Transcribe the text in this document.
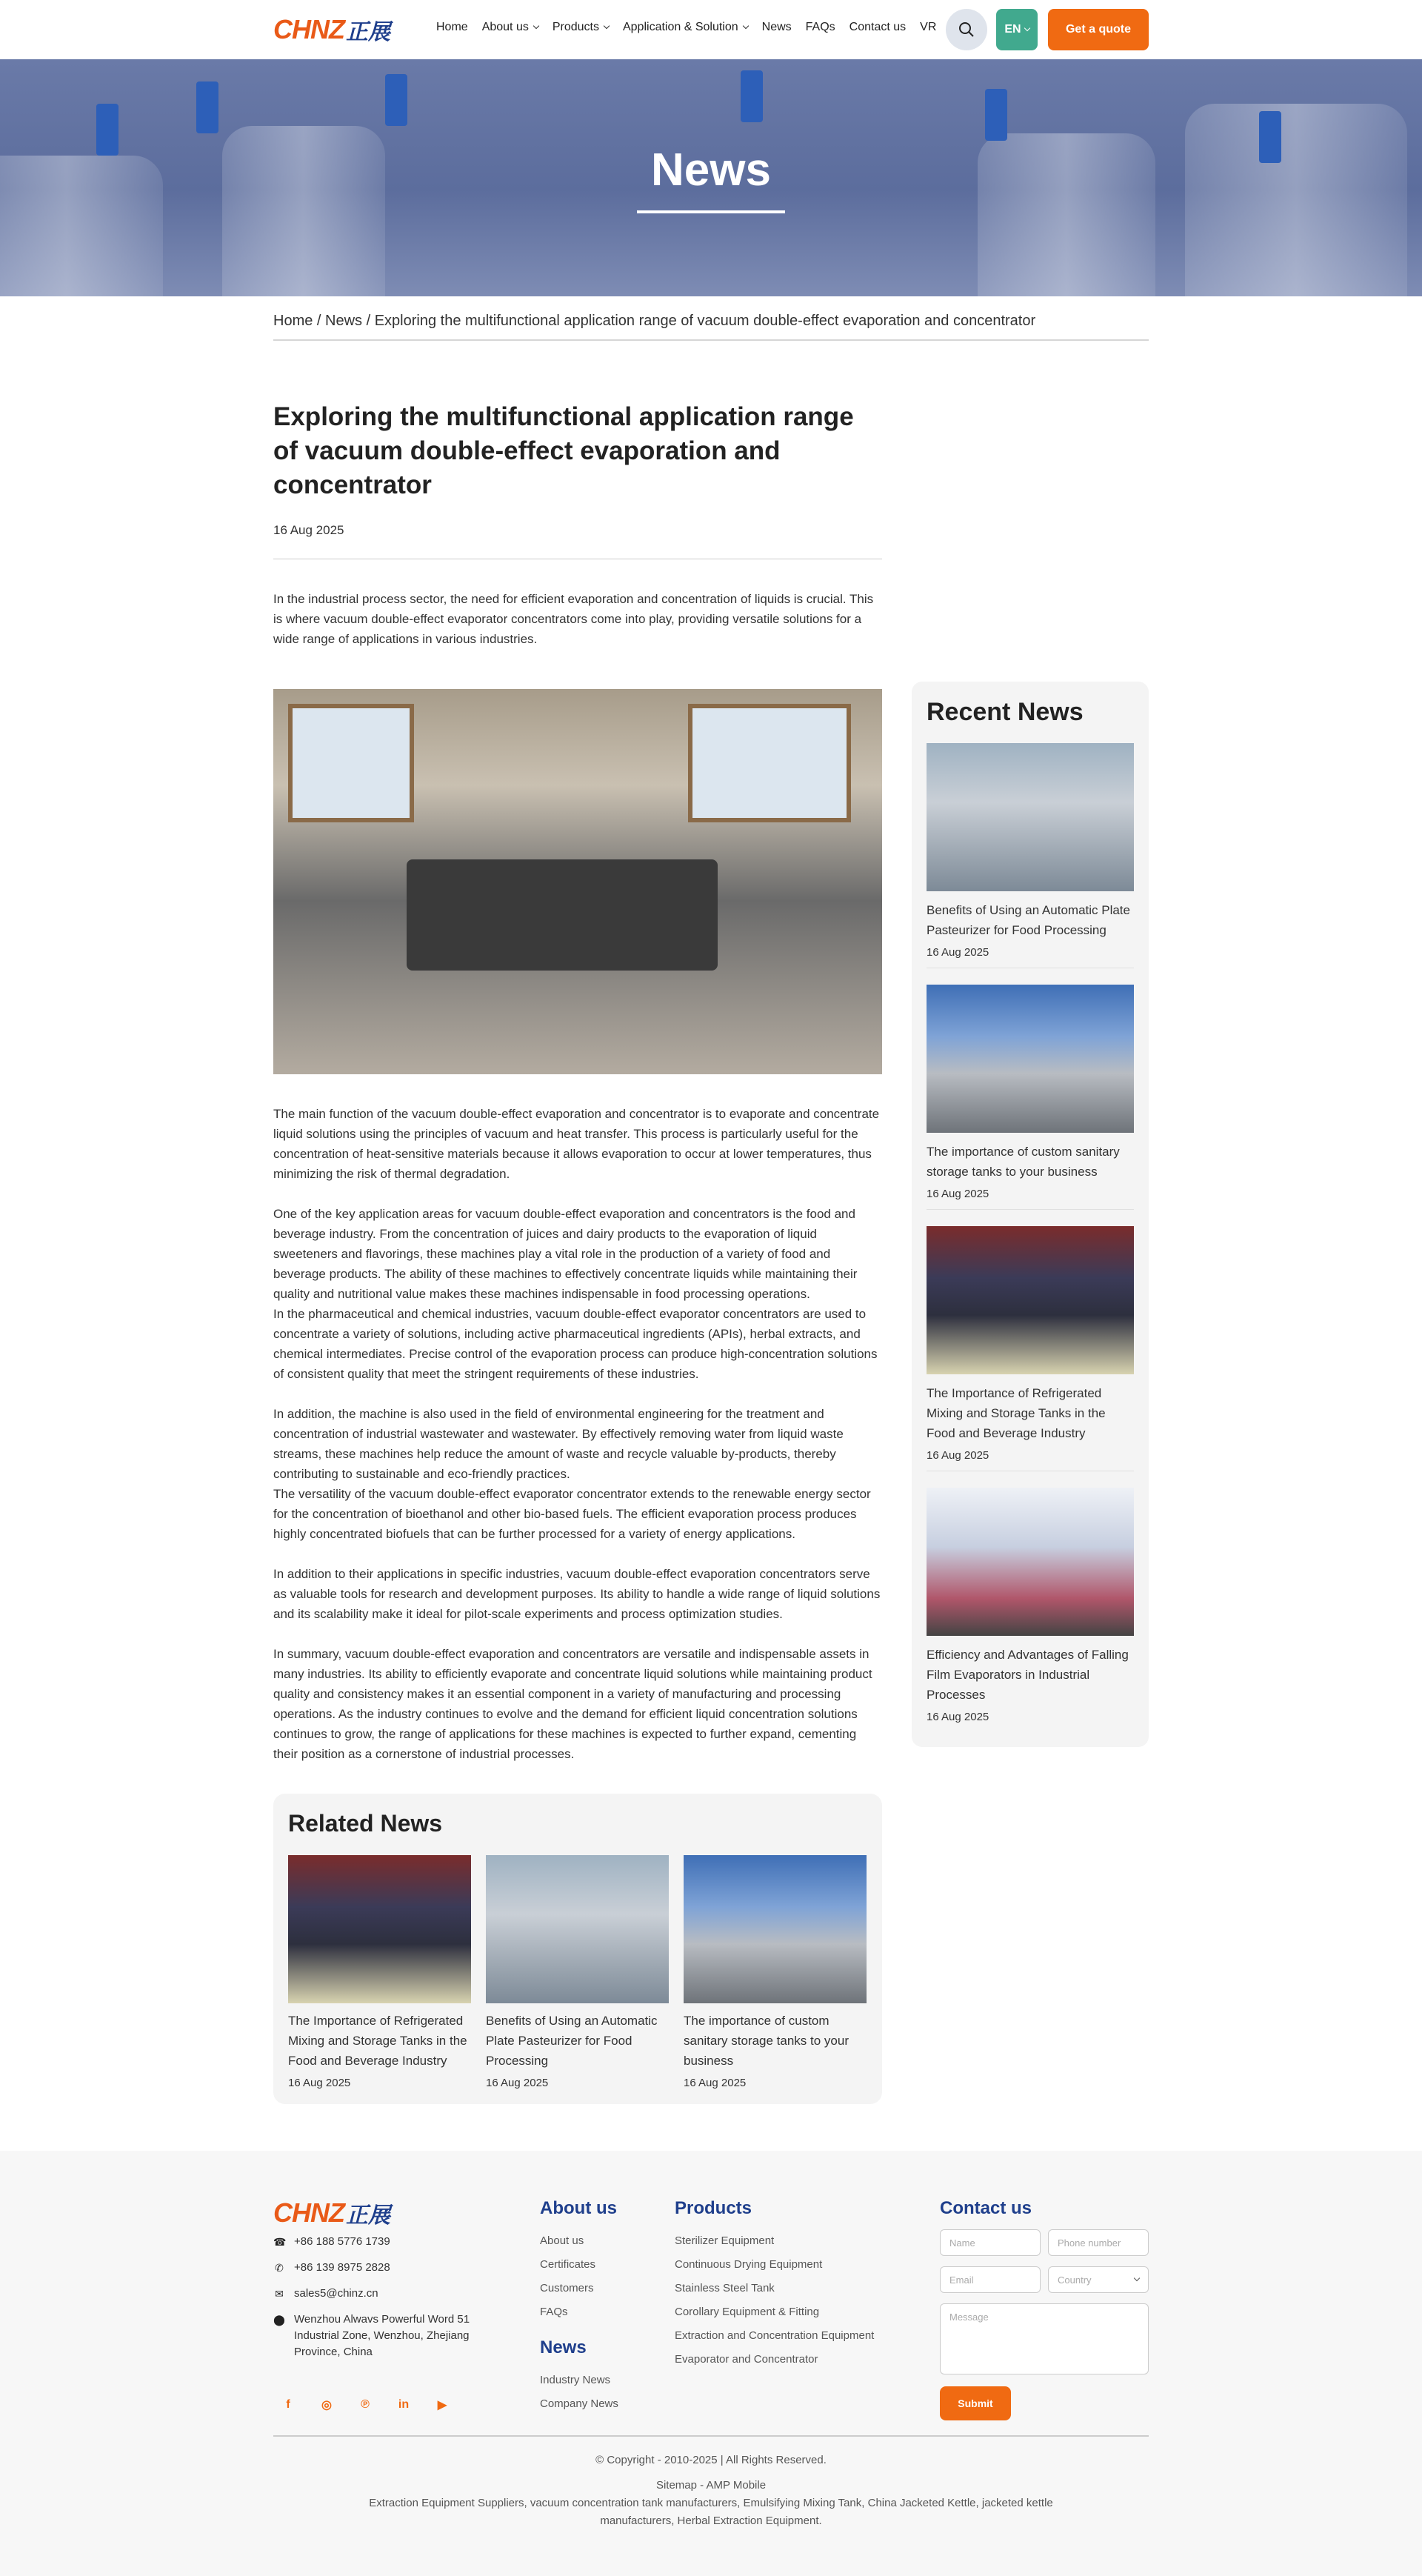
CHNZ 正展	Home About us Products Application & Solution News FAQs Contact us VR	EN	Get a quote
News
Home / News / Exploring the multifunctional application range of vacuum double-effect evaporation and concentrator
Exploring the multifunctional application range of vacuum double-effect evaporation and concentrator
16 Aug 2025

In the industrial process sector, the need for efficient evaporation and concentration of liquids is crucial. This is where vacuum double-effect evaporator concentrators come into play, providing versatile solutions for a wide range of applications in various industries.

The main function of the vacuum double-effect evaporation and concentrator is to evaporate and concentrate liquid solutions using the principles of vacuum and heat transfer. This process is particularly useful for the concentration of heat-sensitive materials because it allows evaporation to occur at lower temperatures, thus minimizing the risk of thermal degradation.

One of the key application areas for vacuum double-effect evaporation and concentrators is the food and beverage industry. From the concentration of juices and dairy products to the evaporation of liquid sweeteners and flavorings, these machines play a vital role in the production of a variety of food and beverage products. The ability of these machines to effectively concentrate liquids while maintaining their quality and nutritional value makes these machines indispensable in food processing operations.

In the pharmaceutical and chemical industries, vacuum double-effect evaporator concentrators are used to concentrate a variety of solutions, including active pharmaceutical ingredients (APIs), herbal extracts, and chemical intermediates. Precise control of the evaporation process can produce high-concentration solutions of consistent quality that meet the stringent requirements of these industries.

In addition, the machine is also used in the field of environmental engineering for the treatment and concentration of industrial wastewater and wastewater. By effectively removing water from liquid waste streams, these machines help reduce the amount of waste and recycle valuable by-products, thereby contributing to sustainable and eco-friendly practices.

The versatility of the vacuum double-effect evaporator concentrator extends to the renewable energy sector for the concentration of bioethanol and other bio-based fuels. The efficient evaporation process produces highly concentrated biofuels that can be further processed for a variety of energy applications.

In addition to their applications in specific industries, vacuum double-effect evaporation concentrators serve as valuable tools for research and development purposes. Its ability to handle a wide range of liquid solutions and its scalability make it ideal for pilot-scale experiments and process optimization studies.

In summary, vacuum double-effect evaporation and concentrators are versatile and indispensable assets in many industries. Its ability to efficiently evaporate and concentrate liquid solutions while maintaining product quality and consistency makes it an essential component in a variety of manufacturing and processing operations. As the industry continues to evolve and the demand for efficient liquid concentration solutions continues to grow, the range of applications for these machines is expected to further expand, cementing their position as a cornerstone of industrial processes.

Related News
The Importance of Refrigerated Mixing and Storage Tanks in the Food and Beverage Industry
16 Aug 2025
Benefits of Using an Automatic Plate Pasteurizer for Food Processing
16 Aug 2025
The importance of custom sanitary storage tanks to your business
16 Aug 2025
Recent News
Benefits of Using an Automatic Plate Pasteurizer for Food Processing
16 Aug 2025
The importance of custom sanitary storage tanks to your business
16 Aug 2025
The Importance of Refrigerated Mixing and Storage Tanks in the Food and Beverage Industry
16 Aug 2025
Efficiency and Advantages of Falling Film Evaporators in Industrial Processes
16 Aug 2025
CHNZ 正展
☎ +86 188 5776 1739
✆ +86 139 8975 2828
✉ sales5@chinz.cn
⬤ Wenzhou Alwavs Powerful Word 51 Industrial Zone, Wenzhou, Zhejiang Province, China
f	◎ ℗ in ▶
About us
About us
Certificates
Customers
FAQs
News
Industry News
Company News
Products
Sterilizer Equipment
Continuous Drying Equipment
Stainless Steel Tank
Corollary Equipment & Fitting
Extraction and Concentration Equipment
Evaporator and Concentrator
Contact us
Name	Phone number
Email	Country
Message
Submit
© Copyright - 2010-2025 | All Rights Reserved.
Sitemap - AMP Mobile
Extraction Equipment Suppliers, vacuum concentration tank manufacturers, Emulsifying Mixing Tank, China Jacketed Kettle, jacketed kettle manufacturers, Herbal Extraction Equipment.
